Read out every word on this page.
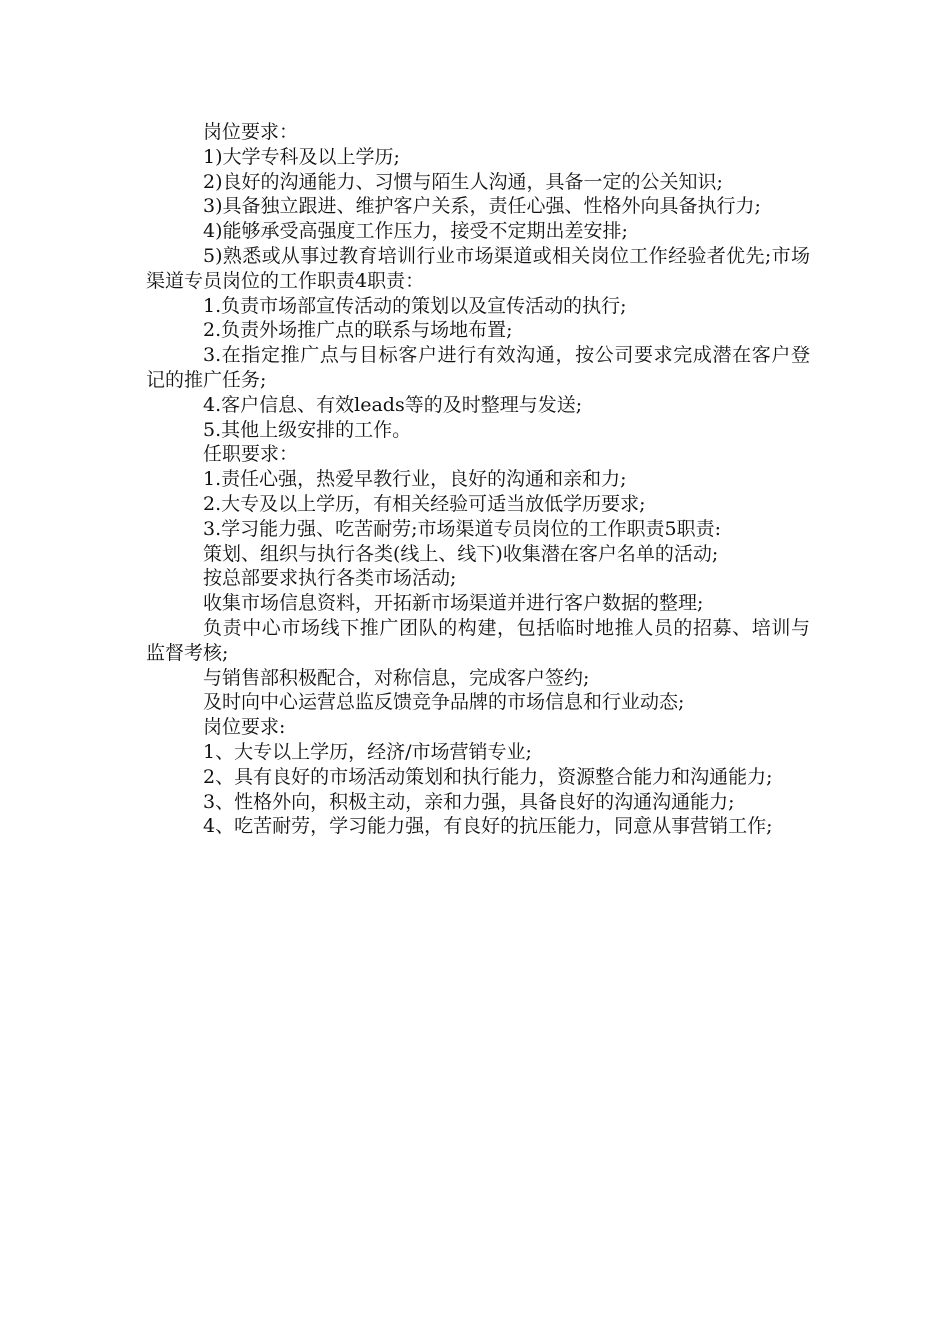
岗位要求：

1)大学专科及以上学历;

2)良好的沟通能力、习惯与陌生人沟通，具备一定的公关知识;

3)具备独立跟进、维护客户关系，责任心强、性格外向具备执行力;

4)能够承受高强度工作压力，接受不定期出差安排;

5)熟悉或从事过教育培训行业市场渠道或相关岗位工作经验者优先;市场渠道专员岗位的工作职责4职责：

1.负责市场部宣传活动的策划以及宣传活动的执行;

2.负责外场推广点的联系与场地布置;

3.在指定推广点与目标客户进行有效沟通，按公司要求完成潜在客户登记的推广任务;

4.客户信息、有效leads等的及时整理与发送;

5.其他上级安排的工作。

任职要求：

1.责任心强，热爱早教行业，良好的沟通和亲和力;

2.大专及以上学历，有相关经验可适当放低学历要求;

3.学习能力强、吃苦耐劳;市场渠道专员岗位的工作职责5职责:

策划、组织与执行各类(线上、线下)收集潜在客户名单的活动;

按总部要求执行各类市场活动;

收集市场信息资料，开拓新市场渠道并进行客户数据的整理;

负责中心市场线下推广团队的构建，包括临时地推人员的招募、培训与监督考核;

与销售部积极配合，对称信息，完成客户签约;

及时向中心运营总监反馈竞争品牌的市场信息和行业动态;

岗位要求:

1、大专以上学历，经济/市场营销专业;

2、具有良好的市场活动策划和执行能力，资源整合能力和沟通能力;

3、性格外向，积极主动，亲和力强，具备良好的沟通沟通能力;

4、吃苦耐劳，学习能力强，有良好的抗压能力，同意从事营销工作;
